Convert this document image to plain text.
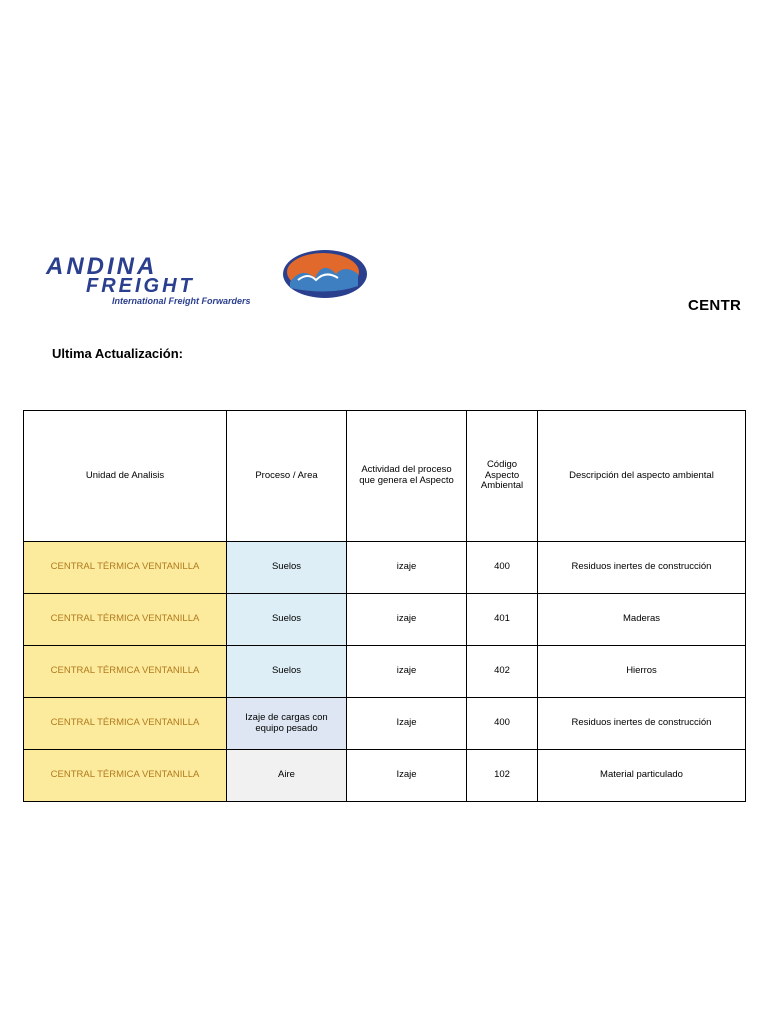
ANDINA
FREIGHT
International Freight Forwarders	CENTR
Ultima Actualización:
Unidad de Analisis	Proceso / Area	Actividad del proceso que genera el Aspecto	Código Aspecto Ambiental	Descripción del aspecto ambiental
CENTRAL TÉRMICA VENTANILLA	Suelos	izaje	400	Residuos inertes de construcción
CENTRAL TÉRMICA VENTANILLA	Suelos	izaje	401	Maderas
CENTRAL TÉRMICA VENTANILLA	Suelos	izaje	402	Hierros
CENTRAL TÉRMICA VENTANILLA	Izaje de cargas con equipo pesado	Izaje	400	Residuos inertes de construcción
CENTRAL TÉRMICA VENTANILLA	Aire	Izaje	102	Material particulado
